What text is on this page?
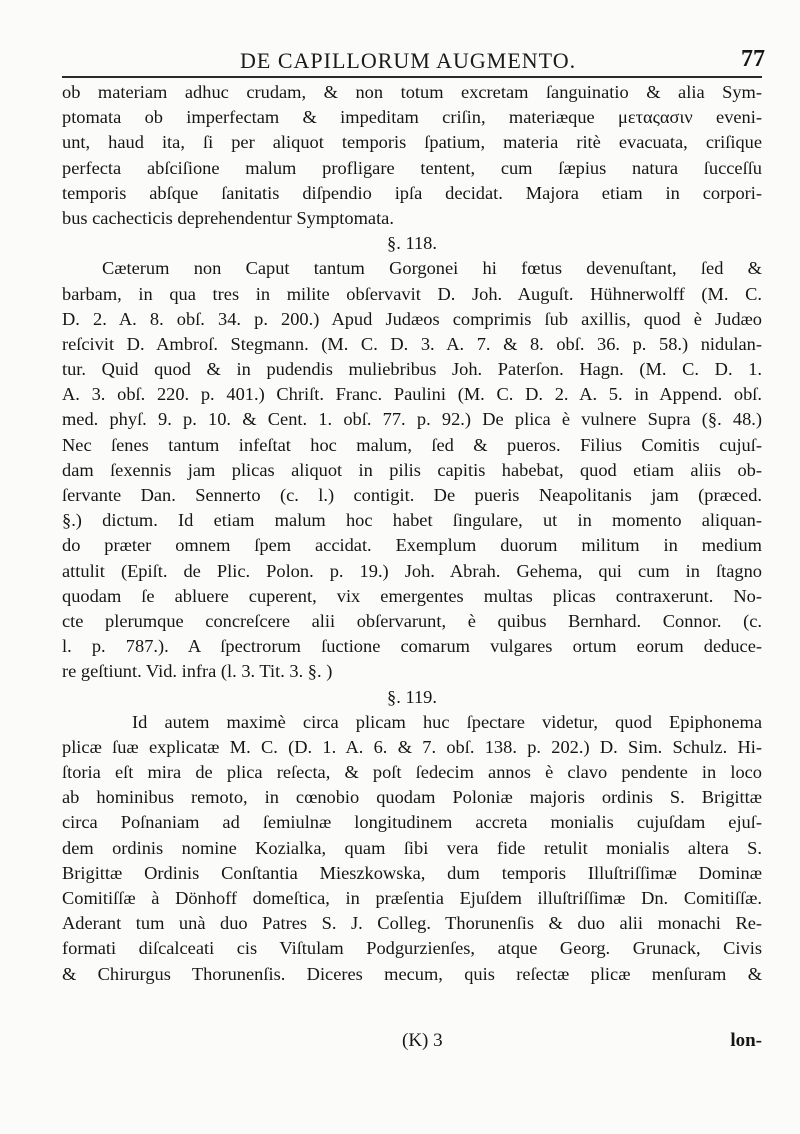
DE CAPILLORUM AUGMENTO.	77
ob materiam adhuc crudam, & non totum excretam ſanguinatio & alia Sym-
ptomata ob imperfectam & impeditam criſin, materiæque μεταςασιν eveni-
unt, haud ita, ſi per aliquot temporis ſpatium, materia ritè evacuata, criſique
perfecta abſciſione malum profligare tentent, cum ſæpius natura ſucceſſu
temporis abſque ſanitatis diſpendio ipſa decidat. Majora etiam in corpori-
bus cachecticis deprehendentur Symptomata.
§. 118.
Cæterum non Caput tantum Gorgonei hi fœtus devenuſtant, ſed &
barbam, in qua tres in milite obſervavit D. Joh. Auguſt. Hühnerwolff (M. C.
D. 2. A. 8. obſ. 34. p. 200.) Apud Judæos comprimis ſub axillis, quod è Judæo
reſcivit D. Ambroſ. Stegmann. (M. C. D. 3. A. 7. & 8. obſ. 36. p. 58.) nidulan-
tur. Quid quod & in pudendis muliebribus Joh. Paterſon. Hagn. (M. C. D. 1.
A. 3. obſ. 220. p. 401.) Chriſt. Franc. Paulini (M. C. D. 2. A. 5. in Append. obſ.
med. phyſ. 9. p. 10. & Cent. 1. obſ. 77. p. 92.) De plica è vulnere Supra (§. 48.)
Nec ſenes tantum infeſtat hoc malum, ſed & pueros. Filius Comitis cujuſ-
dam ſexennis jam plicas aliquot in pilis capitis habebat, quod etiam aliis ob-
ſervante Dan. Sennerto (c. l.) contigit. De pueris Neapolitanis jam (præced.
§.) dictum. Id etiam malum hoc habet ſingulare, ut in momento aliquan-
do præter omnem ſpem accidat. Exemplum duorum militum in medium
attulit (Epiſt. de Plic. Polon. p. 19.) Joh. Abrah. Gehema, qui cum in ſtagno
quodam ſe abluere cuperent, vix emergentes multas plicas contraxerunt. No-
cte plerumque concreſcere alii obſervarunt, è quibus Bernhard. Connor. (c.
l. p. 787.). A ſpectrorum ſuctione comarum vulgares ortum eorum deduce-
re geſtiunt. Vid. infra (l. 3. Tit. 3. §. )
§. 119.
Id autem maximè circa plicam huc ſpectare videtur, quod Epiphonema
plicæ ſuæ explicatæ M. C. (D. 1. A. 6. & 7. obſ. 138. p. 202.) D. Sim. Schulz. Hi-
ſtoria eſt mira de plica reſecta, & poſt ſedecim annos è clavo pendente in loco
ab hominibus remoto, in cœnobio quodam Poloniæ majoris ordinis S. Brigittæ
circa Poſnaniam ad ſemiulnæ longitudinem accreta monialis cujuſdam ejuſ-
dem ordinis nomine Kozialka, quam ſibi vera fide retulit monialis altera S.
Brigittæ Ordinis Conſtantia Mieszkowska, dum temporis Illuſtriſſimæ Dominæ
Comitiſſæ à Dönhoff domeſtica, in præſentia Ejuſdem illuſtriſſimæ Dn. Comitiſſæ.
Aderant tum unà duo Patres S. J. Colleg. Thorunenſis & duo alii monachi Re-
formati diſcalceati cis Viſtulam Podgurzienſes, atque Georg. Grunack, Civis
& Chirurgus Thorunenſis. Diceres mecum, quis reſectæ plicæ menſuram &
(K) 3	lon-
